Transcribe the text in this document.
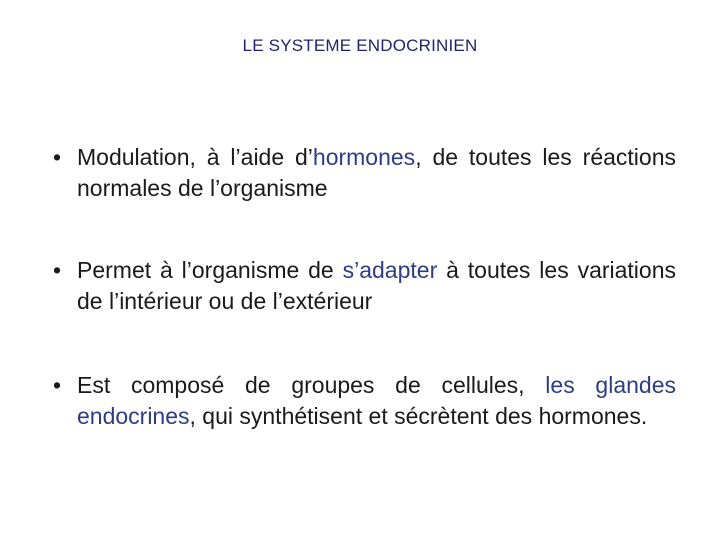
LE SYSTEME ENDOCRINIEN
• Modulation, à l’aide d’hormones, de toutes les réactions normales de l’organisme
• Permet à l’organisme de s’adapter à toutes les variations de l’intérieur ou de l’extérieur
• Est composé de groupes de cellules, les glandes endocrines, qui synthétisent et sécrètent des hormones.
